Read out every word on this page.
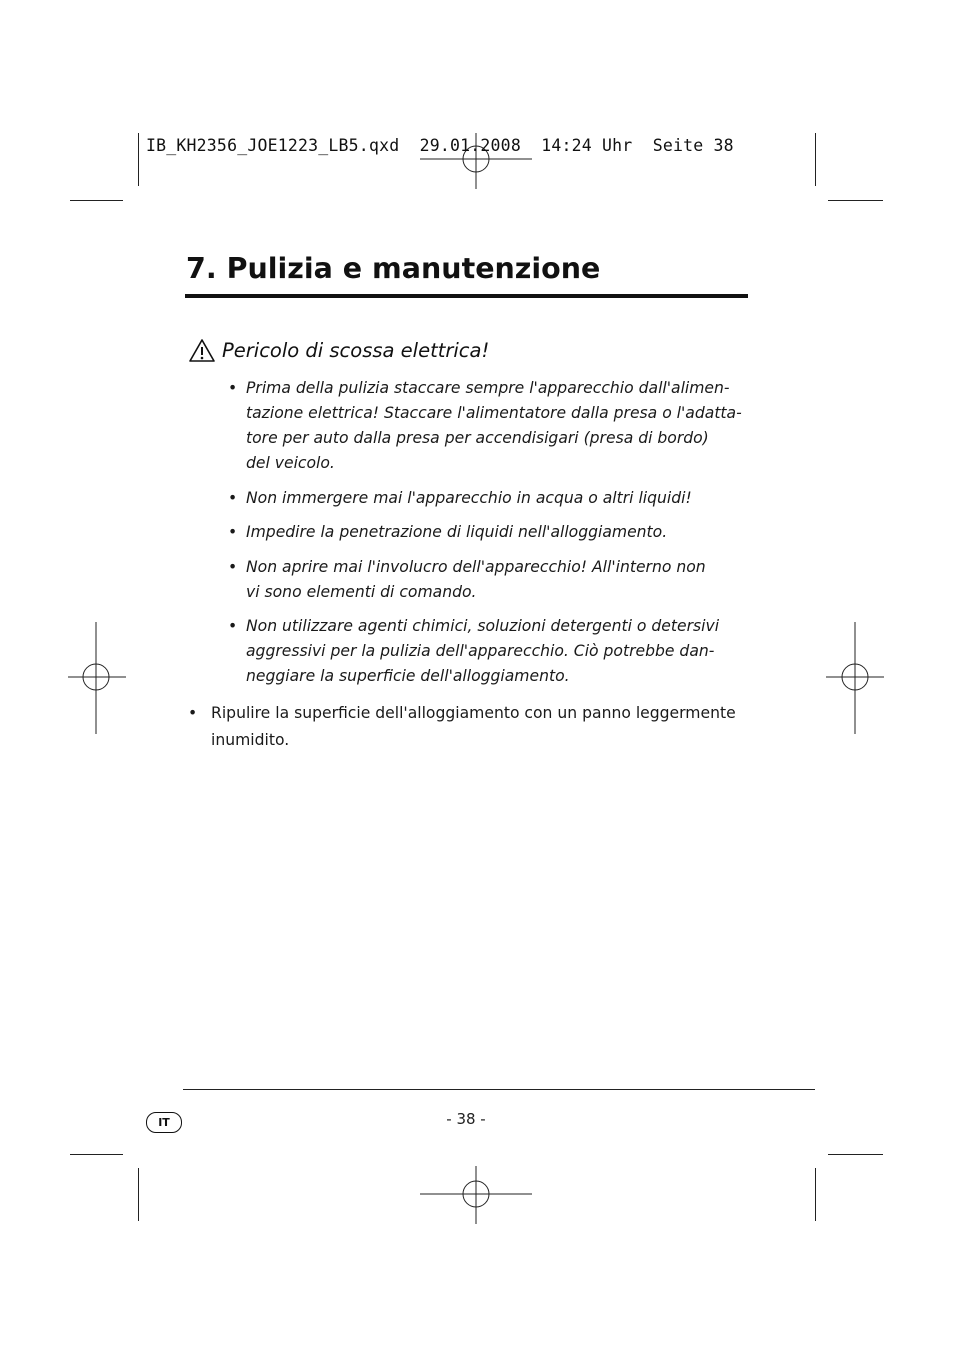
IB_KH2356_JOE1223_LB5.qxd  29.01.2008  14:24 Uhr  Seite 38
7. Pulizia e manutenzione
Pericolo di scossa elettrica!
• Prima della pulizia staccare sempre l'apparecchio dall'alimen-
tazione elettrica! Staccare l'alimentatore dalla presa o l'adatta-
tore per auto dalla presa per accendisigari (presa di bordo)
del veicolo.
• Non immergere mai l'apparecchio in acqua o altri liquidi!
• Impedire la penetrazione di liquidi nell'alloggiamento.
• Non aprire mai l'involucro dell'apparecchio! All'interno non
vi sono elementi di comando.
• Non utilizzare agenti chimici, soluzioni detergenti o detersivi
aggressivi per la pulizia dell'apparecchio. Ciò potrebbe dan-
neggiare la superficie dell'alloggiamento.
• Ripulire la superficie dell'alloggiamento con un panno leggermente
inumidito.
IT	- 38 -
